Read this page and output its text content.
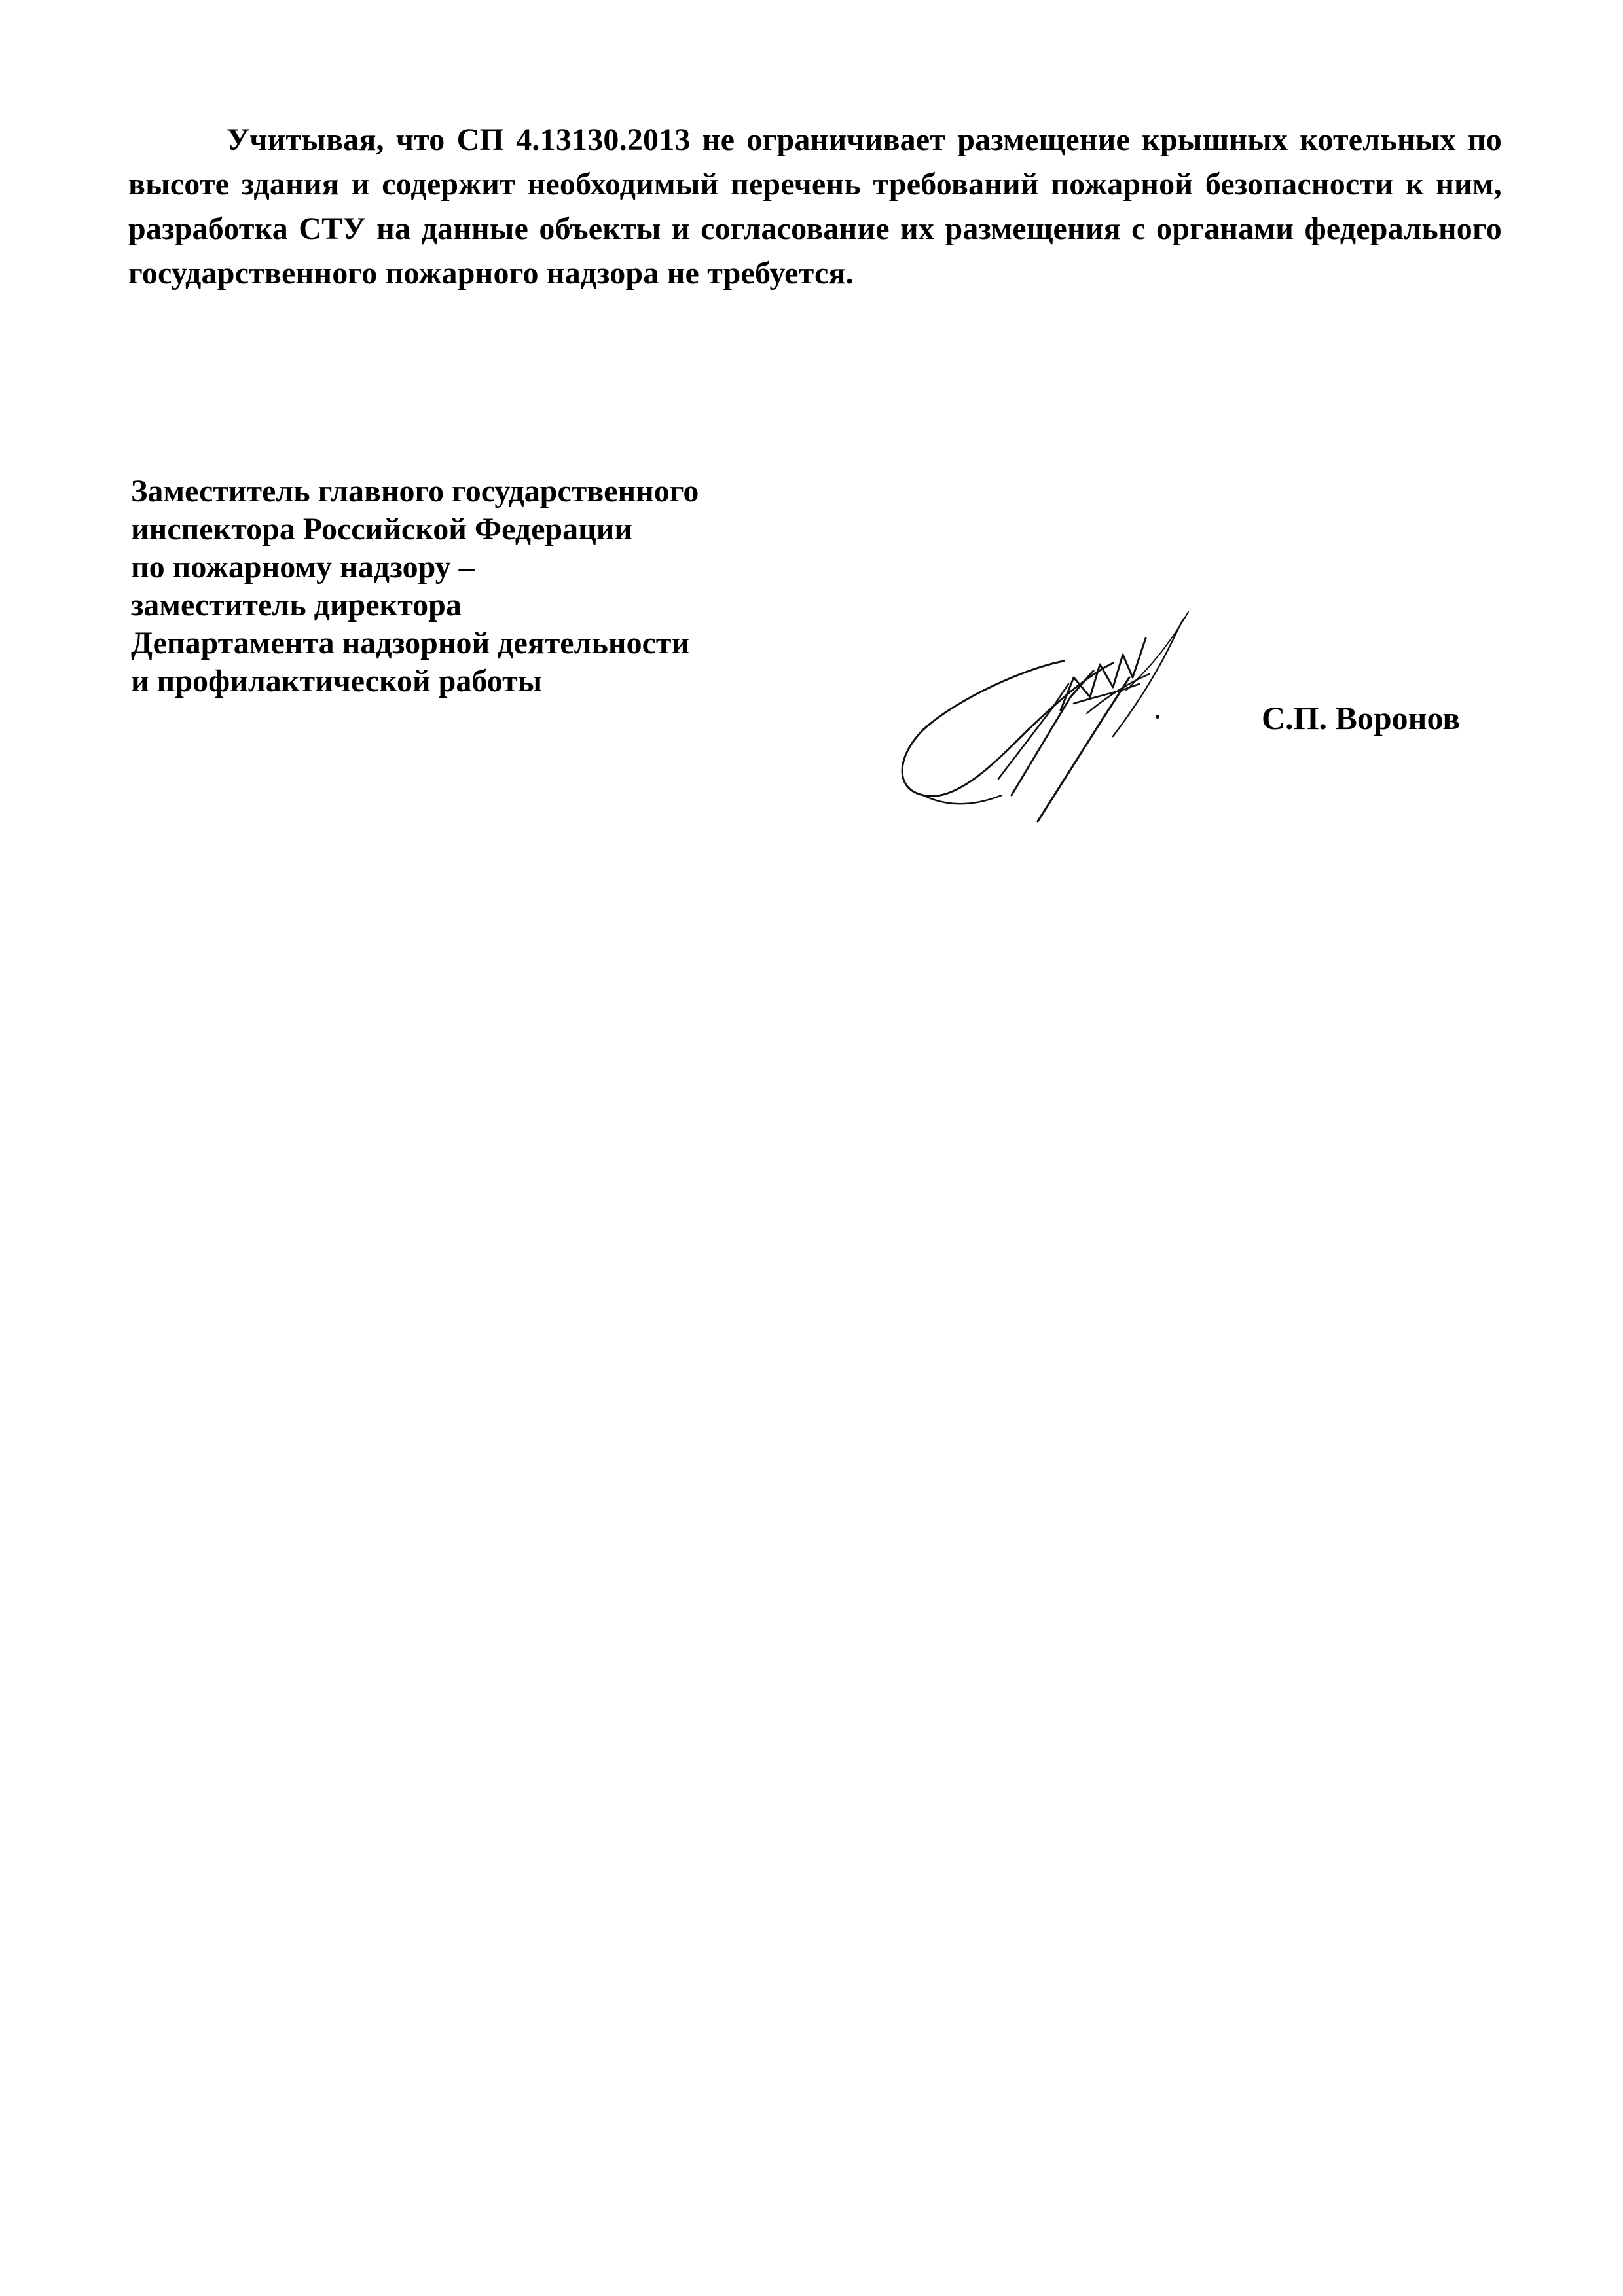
Учитывая, что СП 4.13130.2013 не ограничивает размещение крышных котельных по высоте здания и содержит необходимый перечень требований пожарной безопасности к ним, разработка СТУ на данные объекты и согласование их размещения с органами федерального государственного пожарного надзора не требуется.

Заместитель главного государственного
инспектора Российской Федерации
по пожарному надзору –
заместитель директора
Департамента надзорной деятельности
и профилактической работы
С.П. Воронов
